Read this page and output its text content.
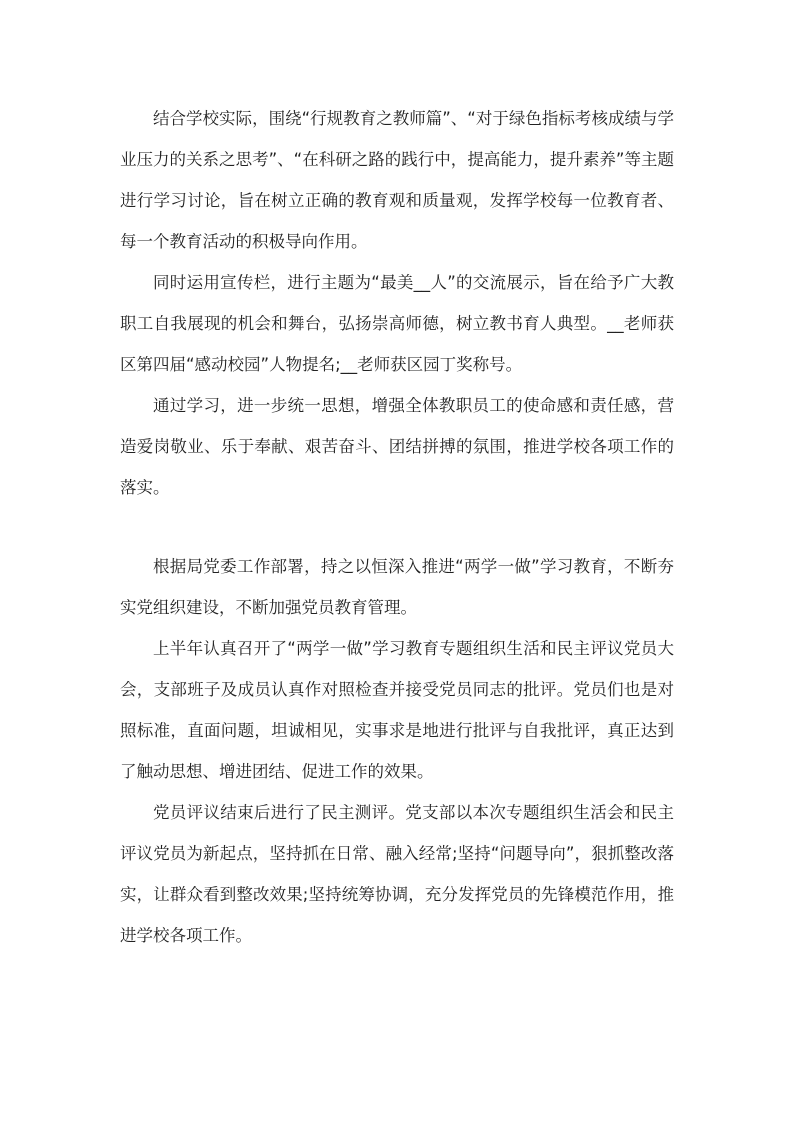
结合学校实际，围绕“行规教育之教师篇”、“对于绿色指标考核成绩与学业压力的关系之思考”、“在科研之路的践行中，提高能力，提升素养”等主题进行学习讨论，旨在树立正确的教育观和质量观，发挥学校每一位教育者、每一个教育活动的积极导向作用。

同时运用宣传栏，进行主题为“最美__人”的交流展示，旨在给予广大教职工自我展现的机会和舞台，弘扬崇高师德，树立教书育人典型。__老师获区第四届“感动校园”人物提名;__老师获区园丁奖称号。

通过学习，进一步统一思想，增强全体教职员工的使命感和责任感，营造爱岗敬业、乐于奉献、艰苦奋斗、团结拼搏的氛围，推进学校各项工作的落实。

根据局党委工作部署，持之以恒深入推进“两学一做”学习教育，不断夯实党组织建设，不断加强党员教育管理。

上半年认真召开了“两学一做”学习教育专题组织生活和民主评议党员大会，支部班子及成员认真作对照检查并接受党员同志的批评。党员们也是对照标准，直面问题，坦诚相见，实事求是地进行批评与自我批评，真正达到了触动思想、增进团结、促进工作的效果。

党员评议结束后进行了民主测评。党支部以本次专题组织生活会和民主评议党员为新起点，坚持抓在日常、融入经常;坚持“问题导向”，狠抓整改落实，让群众看到整改效果;坚持统筹协调，充分发挥党员的先锋模范作用，推进学校各项工作。
